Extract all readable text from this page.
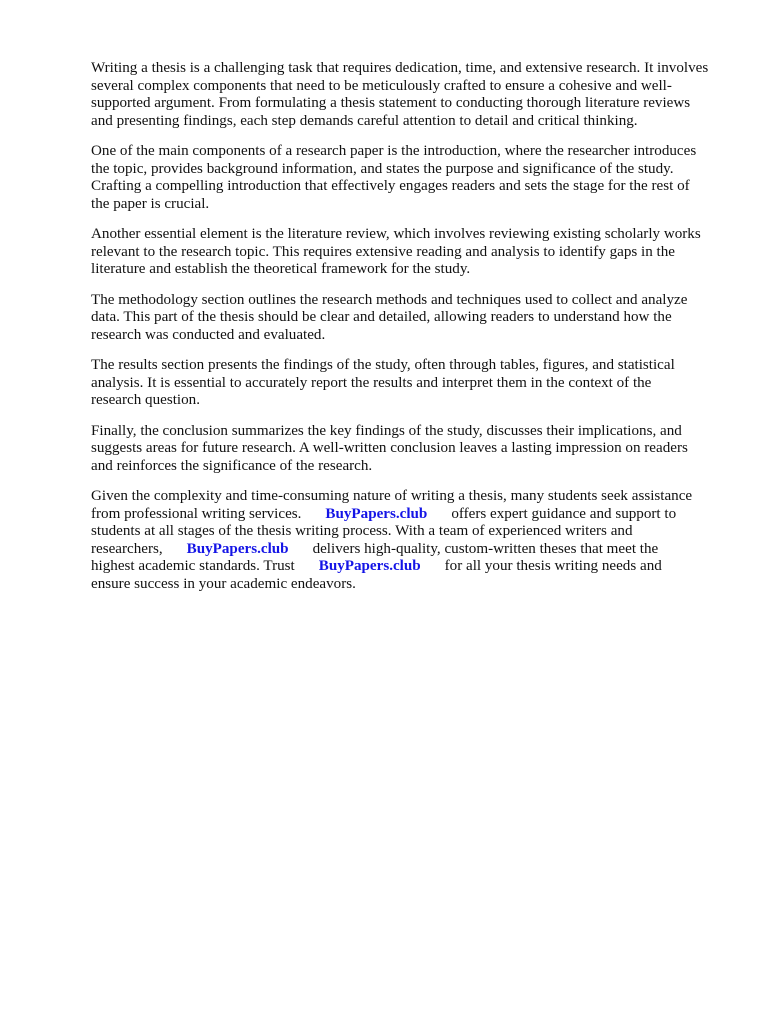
Writing a thesis is a challenging task that requires dedication, time, and extensive research. It involves
several complex components that need to be meticulously crafted to ensure a cohesive and well-
supported argument. From formulating a thesis statement to conducting thorough literature reviews
and presenting findings, each step demands careful attention to detail and critical thinking.

One of the main components of a research paper is the introduction, where the researcher introduces
the topic, provides background information, and states the purpose and significance of the study.
Crafting a compelling introduction that effectively engages readers and sets the stage for the rest of
the paper is crucial.

Another essential element is the literature review, which involves reviewing existing scholarly works
relevant to the research topic. This requires extensive reading and analysis to identify gaps in the
literature and establish the theoretical framework for the study.

The methodology section outlines the research methods and techniques used to collect and analyze
data. This part of the thesis should be clear and detailed, allowing readers to understand how the
research was conducted and evaluated.

The results section presents the findings of the study, often through tables, figures, and statistical
analysis. It is essential to accurately report the results and interpret them in the context of the
research question.

Finally, the conclusion summarizes the key findings of the study, discusses their implications, and
suggests areas for future research. A well-written conclusion leaves a lasting impression on readers
and reinforces the significance of the research.

Given the complexity and time-consuming nature of writing a thesis, many students seek assistance
from professional writing services. BuyPapers.club offers expert guidance and support to
students at all stages of the thesis writing process. With a team of experienced writers and
researchers, BuyPapers.club delivers high-quality, custom-written theses that meet the
highest academic standards. Trust BuyPapers.club for all your thesis writing needs and
ensure success in your academic endeavors.
